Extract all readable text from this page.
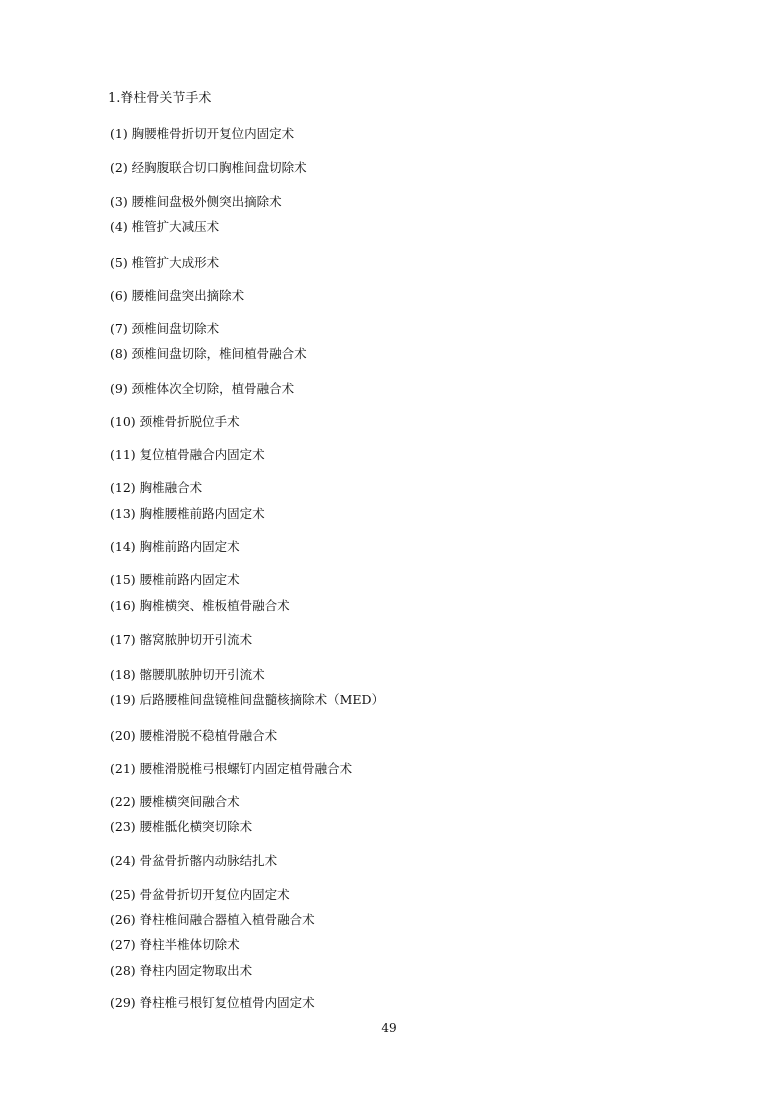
1.脊柱骨关节手术
(1) 胸腰椎骨折切开复位内固定术
(2) 经胸腹联合切口胸椎间盘切除术
(3) 腰椎间盘极外侧突出摘除术
(4) 椎管扩大减压术
(5) 椎管扩大成形术
(6) 腰椎间盘突出摘除术
(7) 颈椎间盘切除术
(8) 颈椎间盘切除，椎间植骨融合术
(9) 颈椎体次全切除，植骨融合术
(10) 颈椎骨折脱位手术
(11) 复位植骨融合内固定术
(12) 胸椎融合术
(13) 胸椎腰椎前路内固定术
(14) 胸椎前路内固定术
(15) 腰椎前路内固定术
(16) 胸椎横突、椎板植骨融合术
(17) 髂窝脓肿切开引流术
(18) 髂腰肌脓肿切开引流术
(19) 后路腰椎间盘镜椎间盘髓核摘除术（MED）
(20) 腰椎滑脱不稳植骨融合术
(21) 腰椎滑脱椎弓根螺钉内固定植骨融合术
(22) 腰椎横突间融合术
(23) 腰椎骶化横突切除术
(24) 骨盆骨折髂内动脉结扎术
(25) 骨盆骨折切开复位内固定术
(26) 脊柱椎间融合器植入植骨融合术
(27) 脊柱半椎体切除术
(28) 脊柱内固定物取出术
(29) 脊柱椎弓根钉复位植骨内固定术
49
